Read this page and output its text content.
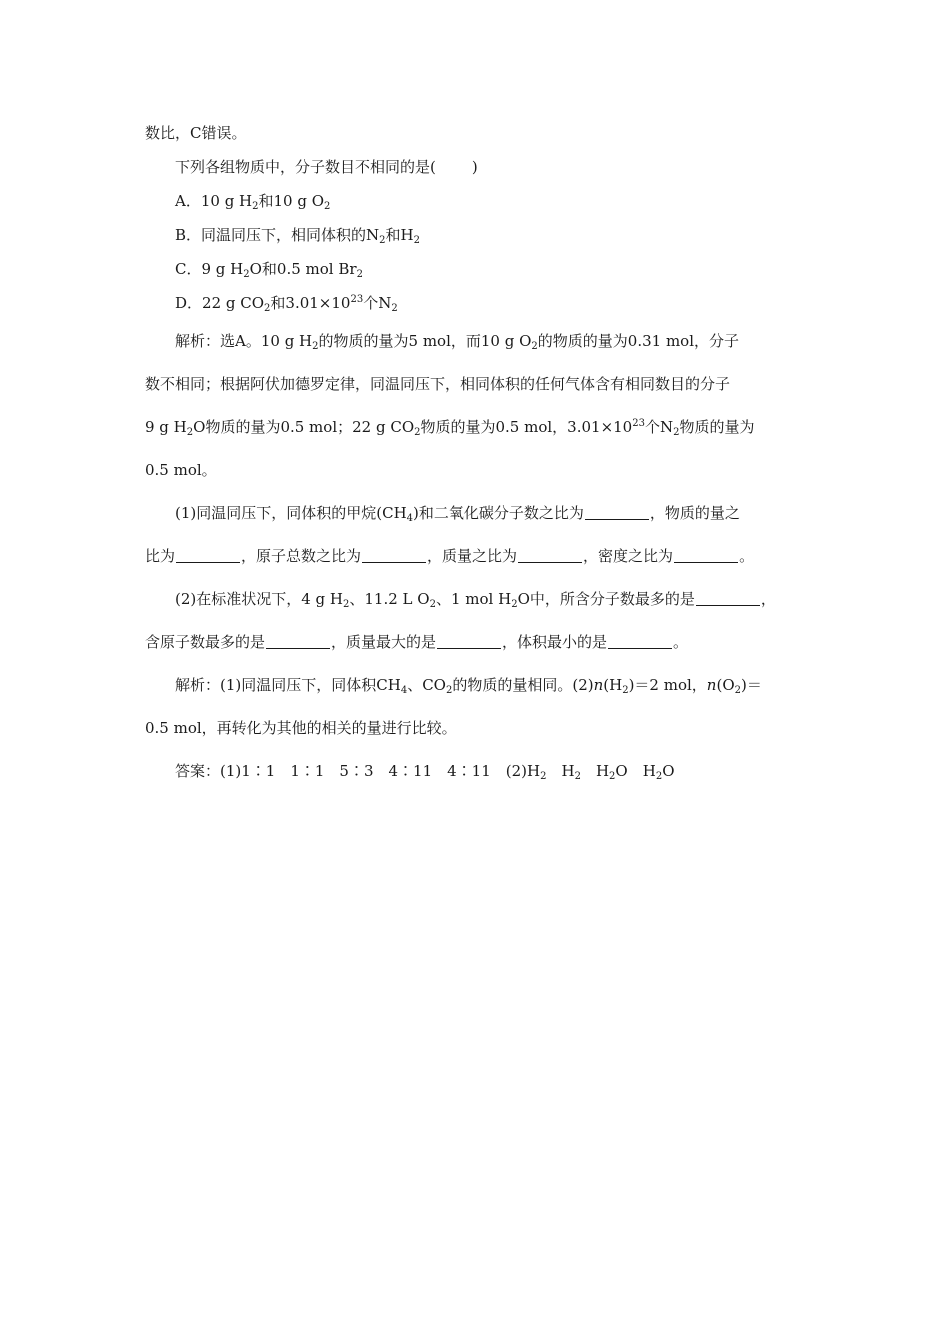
数比，C错误。
下列各组物质中，分子数目不相同的是( )
A．10 g $H_2$和10 g $O_2$
B．同温同压下，相同体积的$N_2$和$H_2$
C．9 g $H_2O$和0.5 mol $Br_2$
D．22 g $CO_2$和$3.01\times 10^{23}$个$N_2$
解析：选A。10 g $H_2$的物质的量为5 mol，而10 g $O_2$的物质的量为0.31 mol，分子
数不相同；根据阿伏加德罗定律，同温同压下，相同体积的任何气体含有相同数目的分子
9 g $H_2O$物质的量为0.5 mol；22 g $CO_2$物质的量为0.5 mol，$3.01\times 10^{23}$个$N_2$物质的量为
0.5 mol。
(1)同温同压下，同体积的甲烷$(CH_4)$和二氧化碳分子数之比为	，物质的量之
比为	，原子总数之比为	，质量之比为	，密度之比为	。
(2)在标准状况下，4 g $H_2$、11.2 L $O_2$、1 mol $H_2O$中，所含分子数最多的是	，
含原子数最多的是	，质量最大的是	，体积最小的是	。
解析：(1)同温同压下，同体积$CH_4$、$CO_2$的物质的量相同。$(2)n(H_2)=2$ mol，$n(O_2)=$
0.5 mol，再转化为其他的相关的量进行比较。
答案：(1)1∶1　1∶1　5∶3　4∶11　4∶11　$(2)H_2$　$H_2$　$H_2O$　$H_2O$
